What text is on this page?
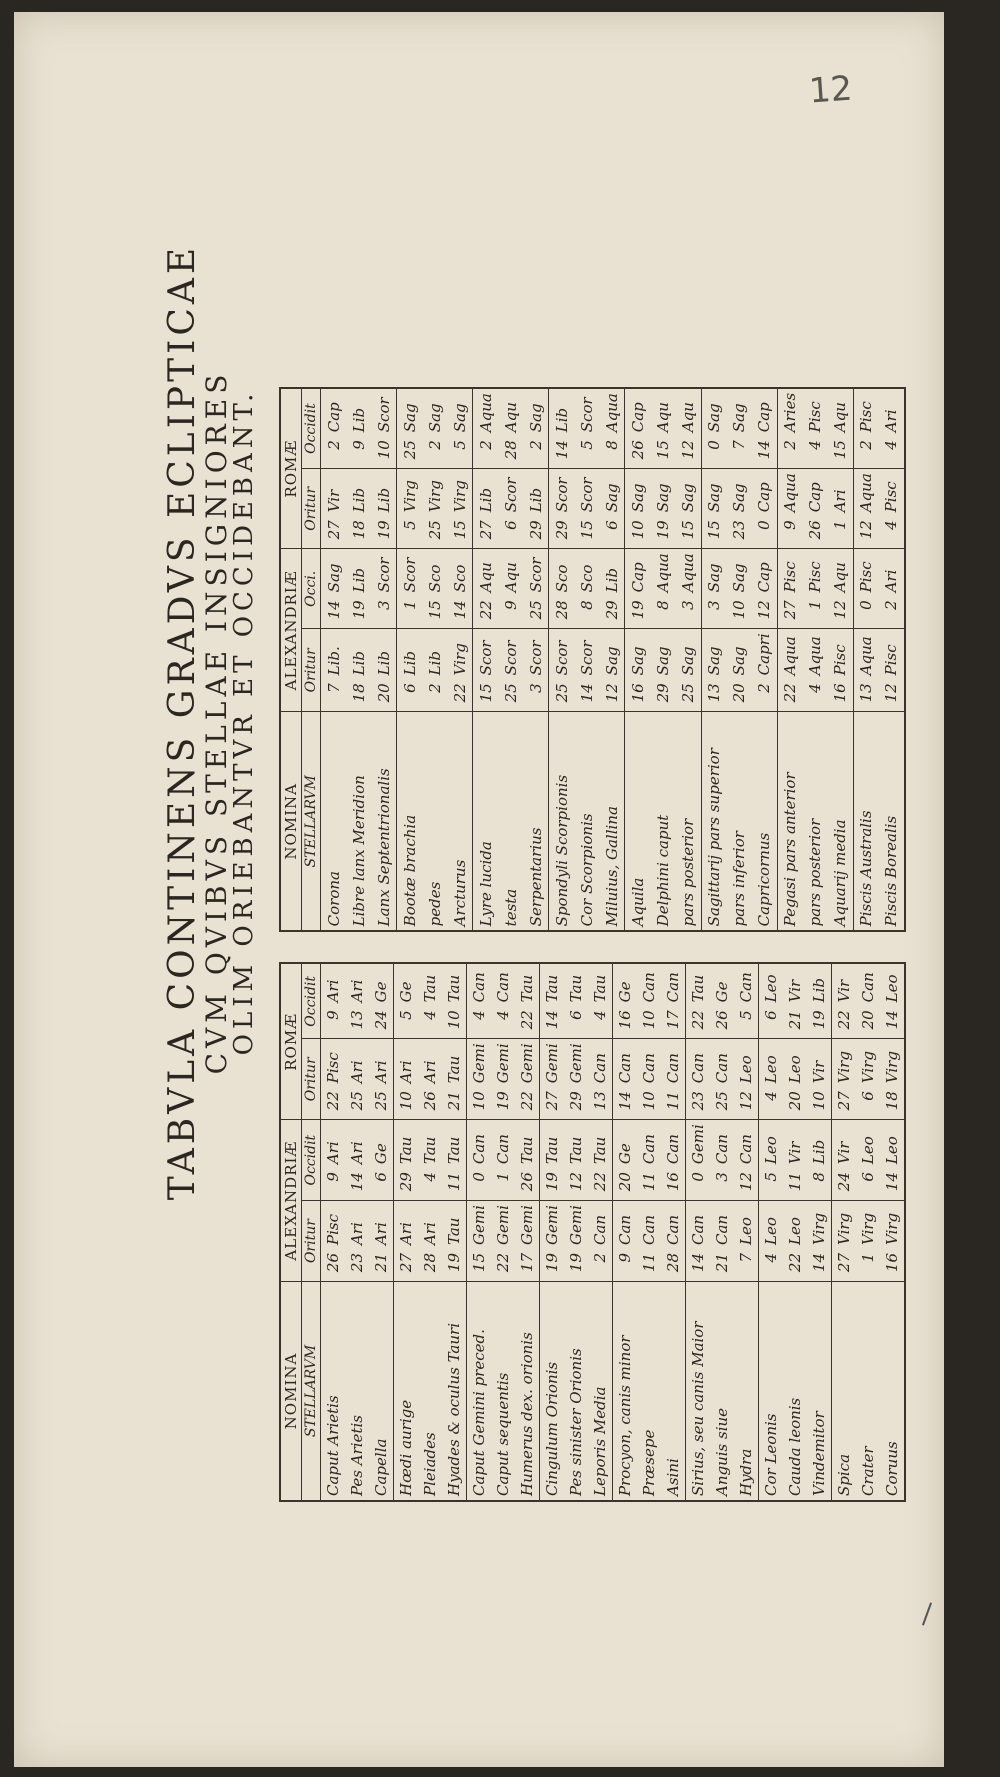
12
TABVLA CONTINENS GRADVS ECLIPTICAE
CVM QVIBVS STELLAE INSIGNIORES
OLIM ORIEBANTVR ET OCCIDEBANT.
NOMINA	ALEXANDRIÆ				ROMÆ			
STELLARVM	Oritur		Occidit		Oritur		Occidit	
Caput Arietis	26	Pisc	9	Ari	22	Pisc	9	Ari
Pes Arietis	23	Ari	14	Ari	25	Ari	13	Ari
Capella	21	Ari	6	Ge	25	Ari	24	Ge
Hœdi aurige	27	Ari	29	Tau	10	Ari	5	Ge
Pleiades	28	Ari	4	Tau	26	Ari	4	Tau
Hyades & oculus Tauri	19	Tau	11	Tau	21	Tau	10	Tau
Caput Gemini preced.	15	Gemi	0	Can	10	Gemi	4	Can
Caput sequentis	22	Gemi	1	Can	19	Gemi	4	Can
Humerus dex. orionis	17	Gemi	26	Tau	22	Gemi	22	Tau
Cingulum Orionis	19	Gemi	19	Tau	27	Gemi	14	Tau
Pes sinister Orionis	19	Gemi	12	Tau	29	Gemi	6	Tau
Leporis Media	2	Can	22	Tau	13	Can	4	Tau
Procyon, canis minor	9	Can	20	Ge	14	Can	16	Ge
Præsepe	11	Can	11	Can	10	Can	10	Can
Asini	28	Can	16	Can	11	Can	17	Can
Sirius, seu canis Maior	14	Can	0	Gemi	23	Can	22	Tau
Anguis siue	21	Can	3	Can	25	Can	26	Ge
Hydra	7	Leo	12	Can	12	Leo	5	Can
Cor Leonis	4	Leo	5	Leo	4	Leo	6	Leo
Cauda leonis	22	Leo	11	Vir	20	Leo	21	Vir
Vindemitor	14	Virg	8	Lib	10	Vir	19	Lib
Spica	27	Virg	24	Vir	27	Virg	22	Vir
Crater	1	Virg	6	Leo	6	Virg	20	Can
Coruus	16	Virg	14	Leo	18	Virg	14	Leo
NOMINA	ALEXANDRIÆ				ROMÆ			
STELLARVM	Oritur		Occi.		Oritur		Occidit	
Corona	7	Lib.	14	Sag	27	Vir	2	Cap
Libre lanx Meridion	18	Lib	19	Lib	18	Lib	9	Lib
Lanx Septentrionalis	20	Lib	3	Scor	19	Lib	10	Scor
Bootæ brachia	6	Lib	1	Scor	5	Virg	25	Sag
pedes	2	Lib	15	Sco	25	Virg	2	Sag
Arcturus	22	Virg	14	Sco	15	Virg	5	Sag
Lyre lucida	15	Scor	22	Aqu	27	Lib	2	Aqua
testa	25	Scor	9	Aqu	6	Scor	28	Aqu
Serpentarius	3	Scor	25	Scor	29	Lib	2	Sag
Spondyli Scorpionis	25	Scor	28	Sco	29	Scor	14	Lib
Cor Scorpionis	14	Scor	8	Sco	15	Scor	5	Scor
Miluius, Gallina	12	Sag	29	Lib	6	Sag	8	Aqua
Aquila	16	Sag	19	Cap	10	Sag	26	Cap
Delphini caput	29	Sag	8	Aqua	19	Sag	15	Aqu
pars posterior	25	Sag	3	Aqua	15	Sag	12	Aqu
Sagittarij pars superior	13	Sag	3	Sag	15	Sag	0	Sag
pars inferior	20	Sag	10	Sag	23	Sag	7	Sag
Capricornus	2	Capri	12	Cap	0	Cap	14	Cap
Pegasi pars anterior	22	Aqua	27	Pisc	9	Aqua	2	Aries
pars posterior	4	Aqua	1	Pisc	26	Cap	4	Pisc
Aquarij media	16	Pisc	12	Aqu	1	Ari	15	Aqu
Piscis Australis	13	Aqua	0	Pisc	12	Aqua	2	Pisc
Piscis Borealis	12	Pisc	2	Ari	4	Pisc	4	Ari
